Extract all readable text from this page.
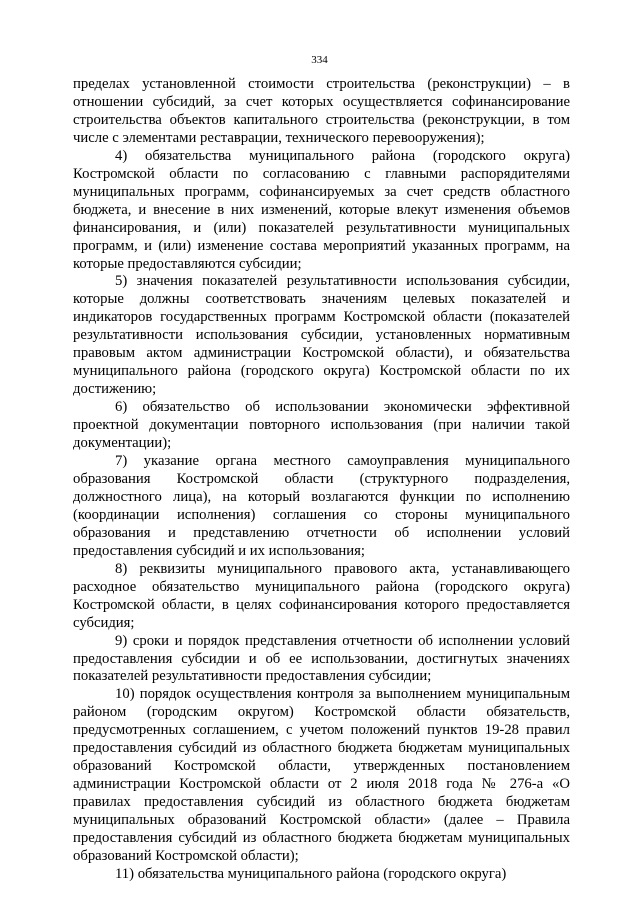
334

пределах установленной стоимости строительства (реконструкции) – в отношении субсидий, за счет которых осуществляется софинансирование строительства объектов капитального строительства (реконструкции, в том числе с элементами реставрации, технического перевооружения);

4) обязательства муниципального района (городского округа) Костромской области по согласованию с главными распорядителями муниципальных программ, софинансируемых за счет средств областного бюджета, и внесение в них изменений, которые влекут изменения объемов финансирования, и (или) показателей результативности муниципальных программ, и (или) изменение состава мероприятий указанных программ, на которые предоставляются субсидии;

5) значения показателей результативности использования субсидии, которые должны соответствовать значениям целевых показателей и индикаторов государственных программ Костромской области (показателей результативности использования субсидии, установленных нормативным правовым актом администрации Костромской области), и обязательства муниципального района (городского округа) Костромской области по их достижению;

6) обязательство об использовании экономически эффективной проектной документации повторного использования (при наличии такой документации);

7) указание органа местного самоуправления муниципального образования Костромской области (структурного подразделения, должностного лица), на который возлагаются функции по исполнению (координации исполнения) соглашения со стороны муниципального образования и представлению отчетности об исполнении условий предоставления субсидий и их использования;

8) реквизиты муниципального правового акта, устанавливающего расходное обязательство муниципального района (городского округа) Костромской области, в целях софинансирования которого предоставляется субсидия;

9) сроки и порядок представления отчетности об исполнении условий предоставления субсидии и об ее использовании, достигнутых значениях показателей результативности предоставления субсидии;

10) порядок осуществления контроля за выполнением муниципальным районом (городским округом) Костромской области обязательств, предусмотренных соглашением, с учетом положений пунктов 19-28 правил предоставления субсидий из областного бюджета бюджетам муниципальных образований Костромской области, утвержденных постановлением администрации Костромской области от 2 июля 2018 года № 276-а «О правилах предоставления субсидий из областного бюджета бюджетам муниципальных образований Костромской области» (далее – Правила предоставления субсидий из областного бюджета бюджетам муниципальных образований Костромской области);

11) обязательства муниципального района (городского округа)
